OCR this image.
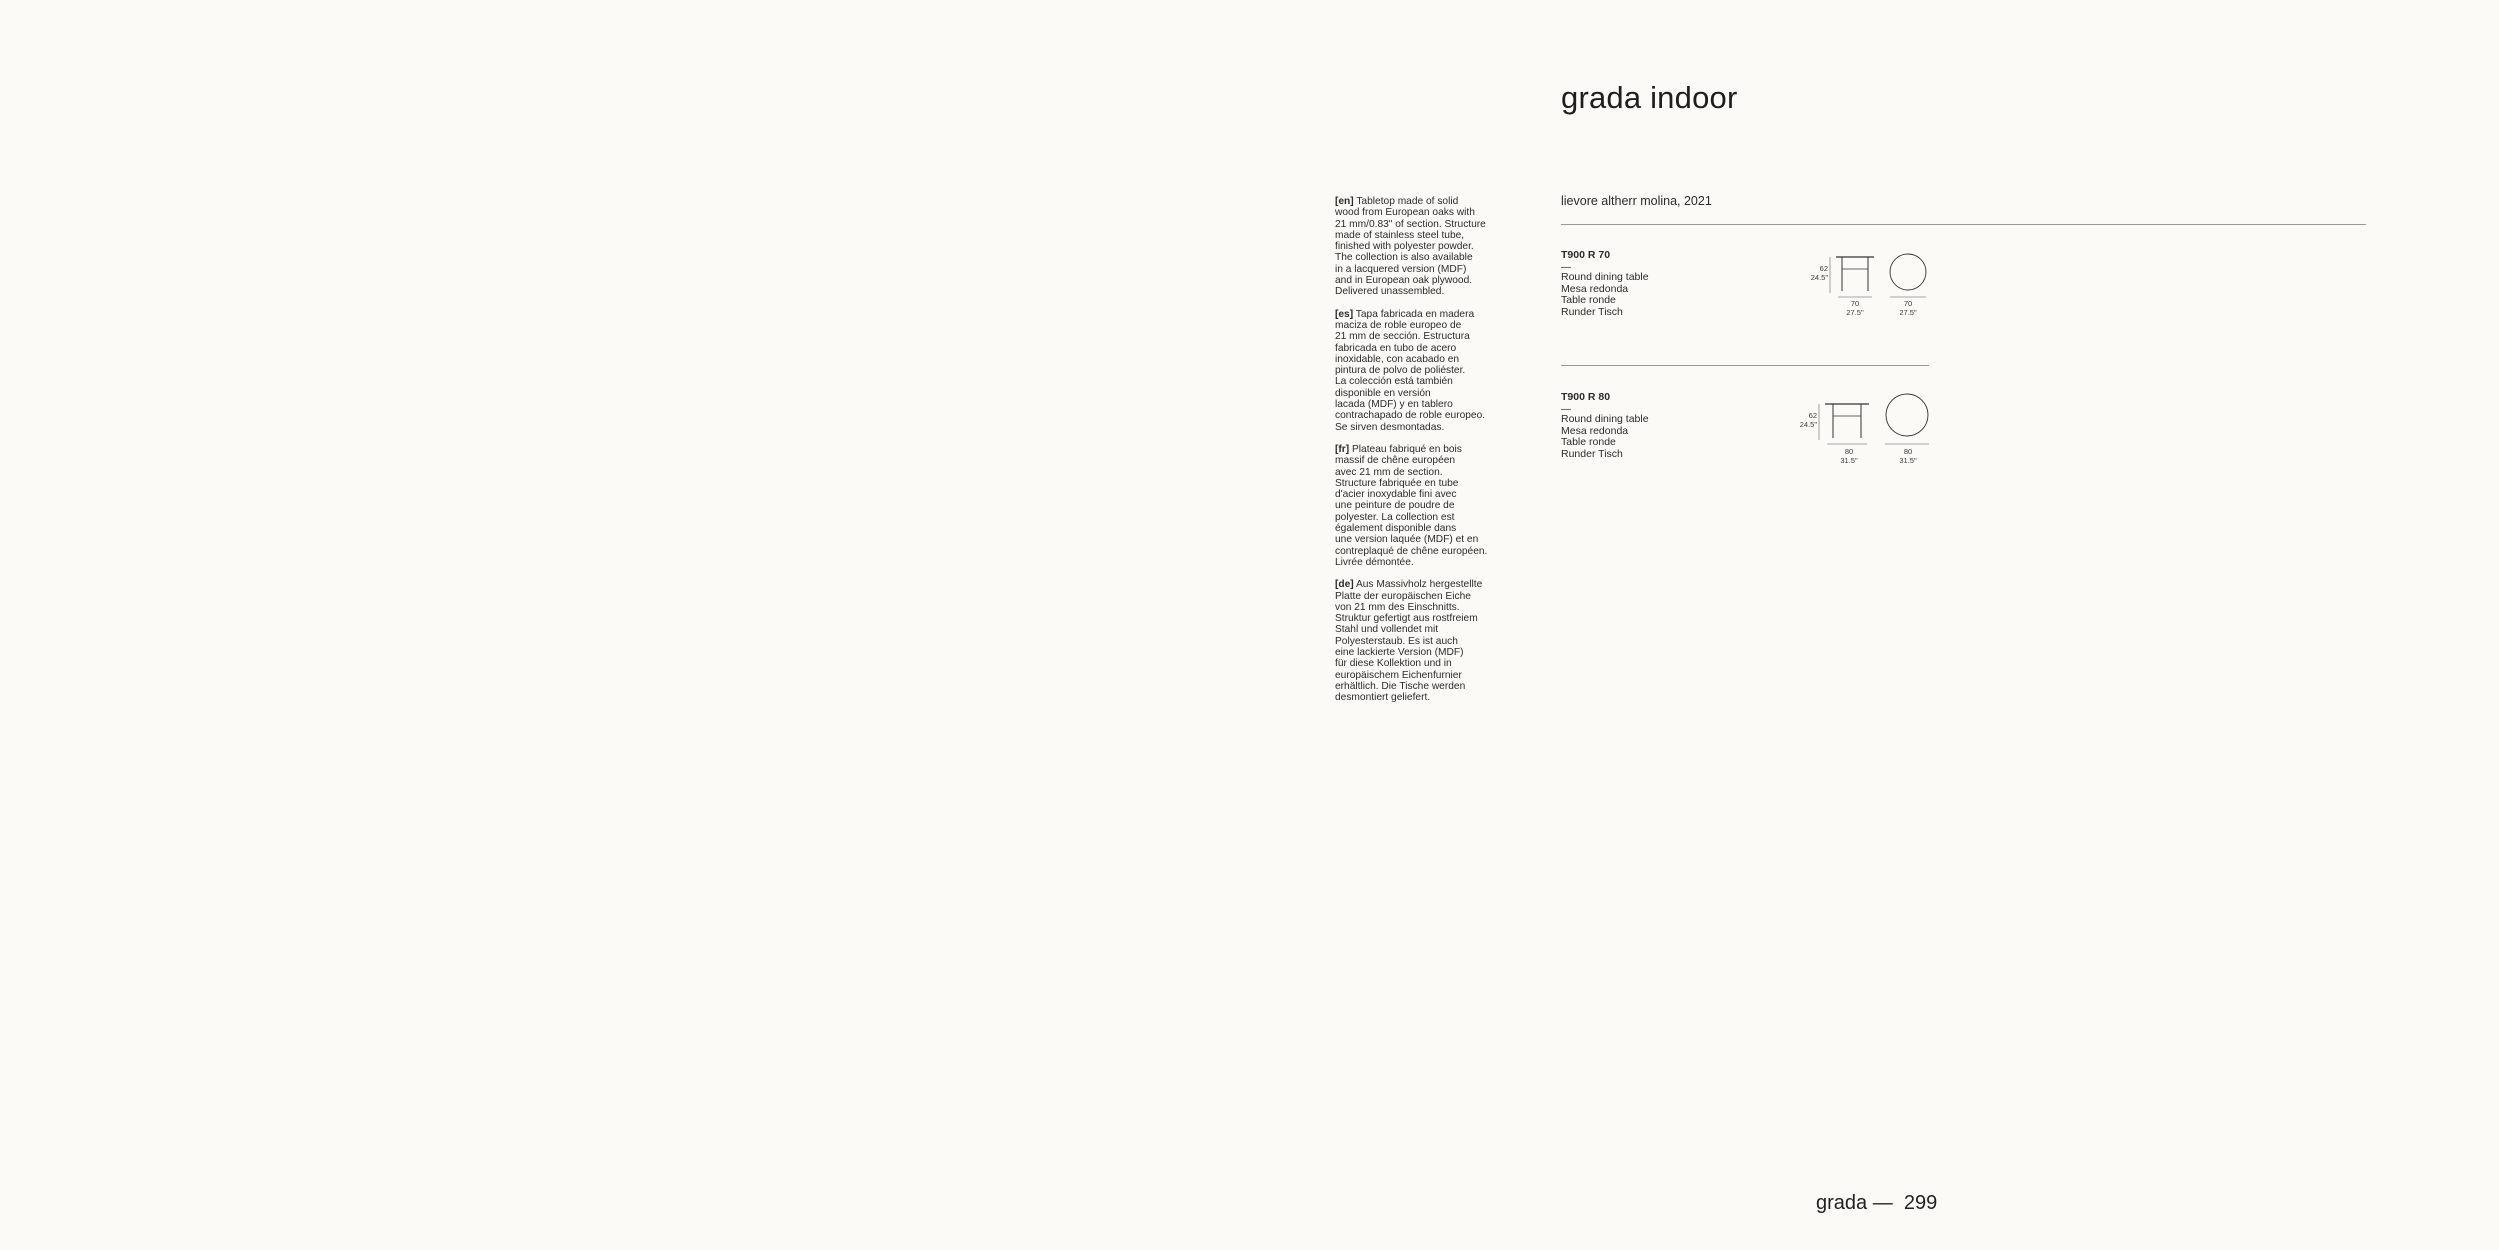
grada indoor
lievore altherr molina, 2021
[en] Tabletop made of solid
wood from European oaks with
21 mm/0.83" of section. Structure
made of stainless steel tube,
finished with polyester powder.
The collection is also available
in a lacquered version (MDF)
and in European oak plywood.
Delivered unassembled.
[es] Tapa fabricada en madera
maciza de roble europeo de
21 mm de sección. Estructura
fabricada en tubo de acero
inoxidable, con acabado en
pintura de polvo de poliéster.
La colección está también
disponible en versión
lacada (MDF) y en tablero
contrachapado de roble europeo.
Se sirven desmontadas.
[fr] Plateau fabriqué en bois
massif de chêne européen
avec 21 mm de section.
Structure fabriquée en tube
d'acier inoxydable fini avec
une peinture de poudre de
polyester. La collection est
également disponible dans
une version laquée (MDF) et en
contreplaqué de chêne européen.
Livrée démontée.
[de] Aus Massivholz hergestellte
Platte der europäischen Eiche
von 21 mm des Einschnitts.
Struktur gefertigt aus rostfreiem
Stahl und vollendet mit
Polyesterstaub. Es ist auch
eine lackierte Version (MDF)
für diese Kollektion und in
europäischem Eichenfurnier
erhältlich. Die Tische werden
desmontiert geliefert.
T900 R 70
—
Round dining table
Mesa redonda
Table ronde
Runder Tisch
62
24.5"
70
27.5"
70
27.5"
T900 R 80
—
Round dining table
Mesa redonda
Table ronde
Runder Tisch
62
24.5"
80
31.5"
80
31.5"
grada — 299
